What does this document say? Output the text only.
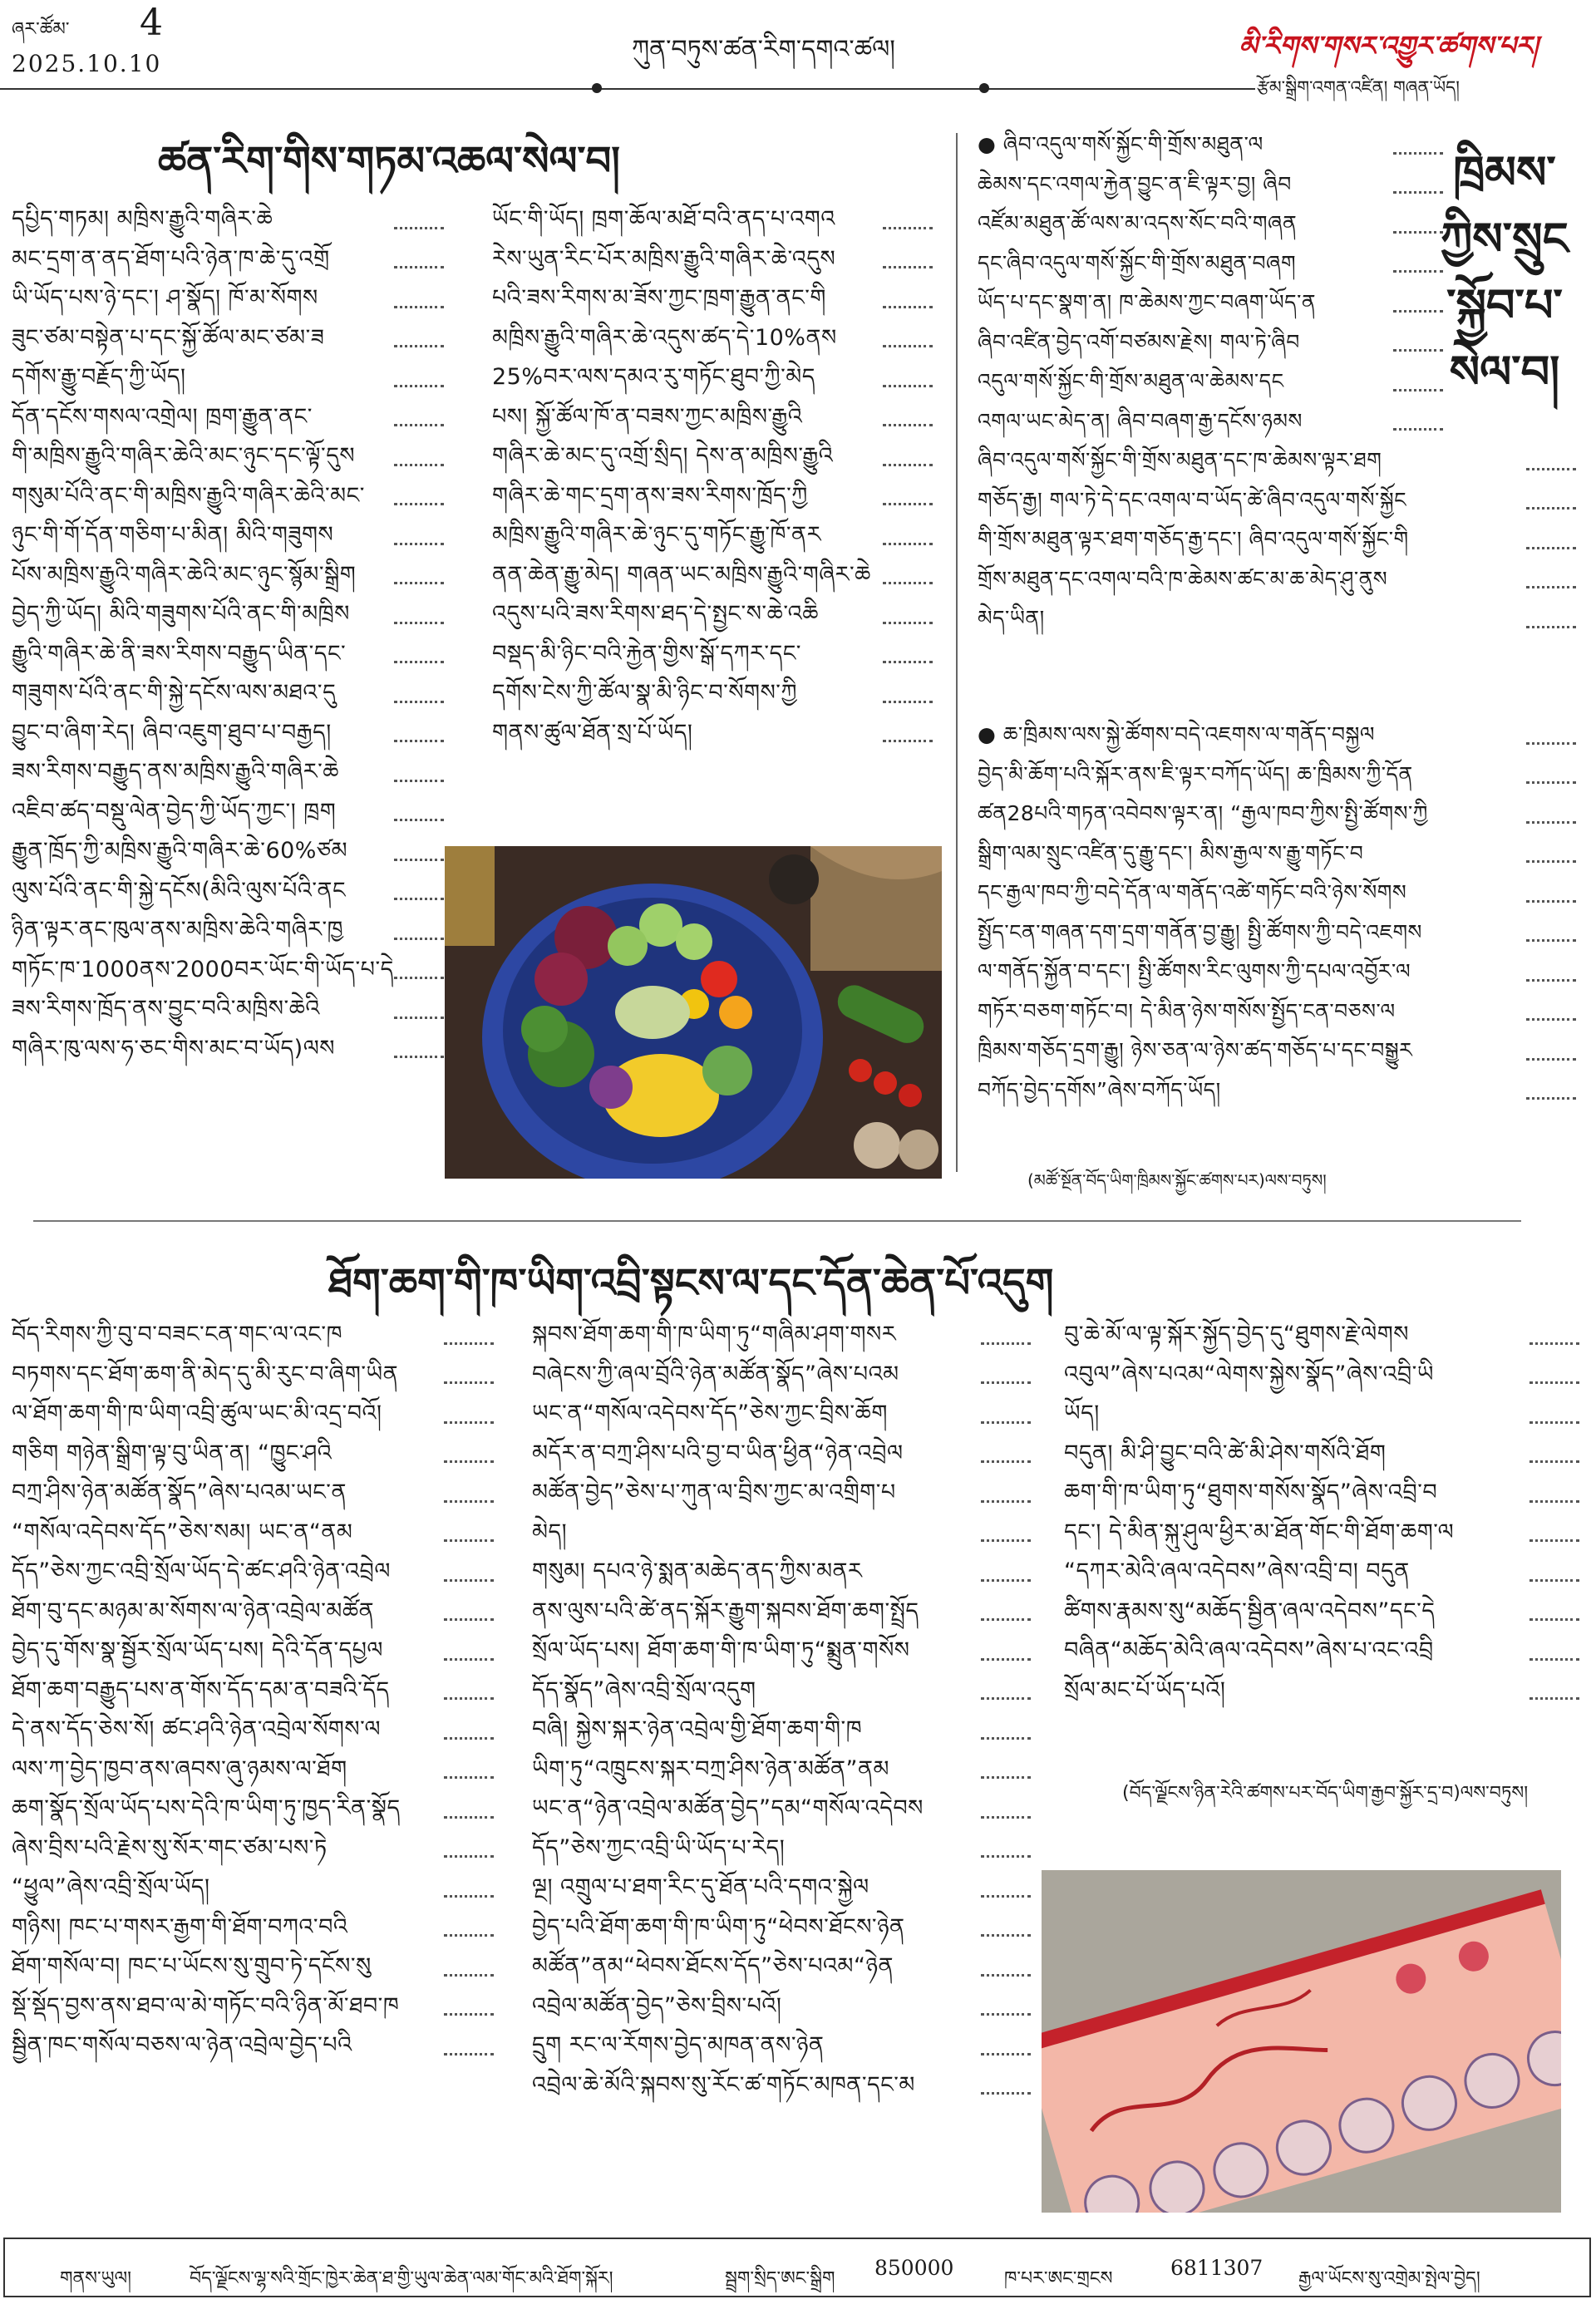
ཞར་ཚོམ་ 4
2025.10.10	ཀུན་བཏུས་ཚན་རིག་དགའ་ཚལ།	མི་རིགས་གསར་འགྱུར་ཚགས་པར།
རྩོམ་སྒྲིག་འགན་འཛིན། གཞན་ཡོད།
ཚན་རིག་གིས་གཏམ་འཆལ་སེལ་བ།
དཔྱིད་གཏམ། མཁྲིས་རྒྱུའི་གཞིར་ཆེ
མང་དྲག་ན་ནད་ཐོག་པའི་ཉེན་ཁ་ཆེ་དུ་འགྲོ
ཡི་ཡོད་པས་ཉེ་དང་། ཤ་སྣོད། ཁོ་མ་སོགས
ཟུང་ཙམ་བསྟེན་པ་དང་སྐྱོ་ཚོལ་མང་ཙམ་ཟ
དགོས་རྒྱུ་བརྗོད་ཀྱི་ཡོད།
དོན་དངོས་གསལ་འགྲེལ། ཁྲག་རྒྱུན་ནང་
གི་མཁྲིས་རྒྱུའི་གཞིར་ཆེའི་མང་ཉུང་དང་ལྟོ་དུས
གསུམ་པོའི་ནང་གི་མཁྲིས་རྒྱུའི་གཞིར་ཆེའི་མང་
ཉུང་གི་གོ་དོན་གཅིག་པ་མིན། མིའི་གཟུགས
པོས་མཁྲིས་རྒྱུའི་གཞིར་ཆེའི་མང་ཉུང་སྙོམ་སྒྲིག
བྱེད་ཀྱི་ཡོད། མིའི་གཟུགས་པོའི་ནང་གི་མཁྲིས
རྒྱུའི་གཞིར་ཆེ་ནི་ཟས་རིགས་བརྒྱུད་ཡིན་དང་
གཟུགས་པོའི་ནང་གི་སྐྱེ་དངོས་ལས་མཐའ་དུ
བྱུང་བ་ཞིག་རེད། ཞིབ་འཇུག་ཐུབ་པ་བརྒྱད།
ཟས་རིགས་བརྒྱུད་ནས་མཁྲིས་རྒྱུའི་གཞིར་ཆེ
འཇིབ་ཚད་བསྡུ་ལེན་བྱེད་ཀྱི་ཡོད་ཀྱང་། ཁྲག
རྒྱུན་ཁྲོད་ཀྱི་མཁྲིས་རྒྱུའི་གཞིར་ཆེ་60%ཙམ
ལུས་པོའི་ནང་གི་སྐྱེ་དངོས(མིའི་ལུས་པོའི་ནང
ཉིན་ལྟར་ནང་ཁུལ་ནས་མཁྲིས་ཆེའི་གཞིར་ཁྱ
གཏོང་ཁ་1000ནས་2000བར་ཡོང་གི་ཡོད་པ་དེ
ཟས་རིགས་ཁྲོད་ནས་བྱུང་བའི་མཁྲིས་ཆེའི
གཞིར་ཁུ་ལས་ཧ་ཅང་གིས་མང་བ་ཡོད)ལས
ཡོང་གི་ཡོད། ཁྲག་ཆོལ་མཐོ་བའི་ནད་པ་འགའ
རེས་ཡུན་རིང་པོར་མཁྲིས་རྒྱུའི་གཞིར་ཆེ་འདུས
པའི་ཟས་རིགས་མ་ཟོས་ཀྱང་ཁྲག་རྒྱུན་ནང་གི
མཁྲིས་རྒྱུའི་གཞིར་ཆེ་འདུས་ཚད་དེ་10%ནས
25%བར་ལས་དམའ་རུ་གཏོང་ཐུབ་ཀྱི་མེད
པས། སྐྱོ་ཚོལ་ཁོ་ན་བཟས་ཀྱང་མཁྲིས་རྒྱུའི
གཞིར་ཆེ་མང་དུ་འགྲོ་སྲིད། དེས་ན་མཁྲིས་རྒྱུའི
གཞིར་ཆེ་གང་དྲག་ནས་ཟས་རིགས་ཁྲོད་ཀྱི
མཁྲིས་རྒྱུའི་གཞིར་ཆེ་ཉུང་དུ་གཏོང་རྒྱུ་ཁོ་ནར
ནན་ཆེན་རྒྱུ་མེད། གཞན་ཡང་མཁྲིས་རྒྱུའི་གཞིར་ཆེ
འདུས་པའི་ཟས་རིགས་ཐད་དེ་སྤྱང་ས་ཆེ་འཆི
བསྡད་མི་ཉིང་བའི་རྐྱེན་གྱིས་སྒོ་དཀར་དང་
དགོས་ངེས་ཀྱི་ཚོལ་སྣ་མི་ཉིང་བ་སོགས་ཀྱི
གནས་ཚུལ་ཐོན་སྲ་པོ་ཡོད།
ཁྲིམས་ཀྱིས་སྲུང་སྐྱོབ་པ་སེལ་བ།
● ཞིབ་འདུལ་གསོ་སྐྱོང་གི་གྲོས་མཐུན་ལ
ཆེམས་དང་འགལ་རྐྱེན་བྱུང་ན་ཇི་ལྟར་བྱ། ཞིབ
འཛོམ་མཐུན་ཚོ་ལས་མ་འདས་སོང་བའི་གཞན
དང་ཞིབ་འདུལ་གསོ་སྐྱོང་གི་གྲོས་མཐུན་བཞག
ཡོད་པ་དང་སྣག་ན། ཁ་ཆེམས་ཀྱང་བཞག་ཡོད་ན
ཞིབ་འཛིན་བྱེད་འགོ་བཙམས་རྗེས། གལ་ཏེ་ཞིབ
འདུལ་གསོ་སྐྱོང་གི་གྲོས་མཐུན་ལ་ཆེམས་དང
འགལ་ཡང་མེད་ན། ཞིབ་བཞག་རྒྱ་དངོས་ཉམས
ཞིབ་འདུལ་གསོ་སྐྱོང་གི་གྲོས་མཐུན་དང་ཁ་ཆེམས་ལྟར་ཐག
གཅོད་རྒྱ། གལ་ཏེ་དེ་དང་འགལ་བ་ཡོད་ཚེ་ཞིབ་འདུལ་གསོ་སྐྱོང
གི་གྲོས་མཐུན་ལྟར་ཐག་གཅོད་རྒྱ་དང་། ཞིབ་འདུལ་གསོ་སྐྱོང་གི
གྲོས་མཐུན་དང་འགལ་བའི་ཁ་ཆེམས་ཚང་མ་ཆ་མེད་ཤུ་ནུས
མེད་ཡིན།
● ཆ་ཁྲིམས་ལས་སྐྱེ་ཚོགས་བདེ་འཇགས་ལ་གནོད་བསྐྱལ
བྱེད་མི་ཆོག་པའི་སྐོར་ནས་ཇི་ལྟར་བཀོད་ཡོད། ཆ་ཁྲིམས་ཀྱི་དོན
ཚན28པའི་གཏན་འབེབས་ལྟར་ན། “རྒྱལ་ཁབ་ཀྱིས་སྤྱི་ཚོགས་ཀྱི
སྒྲིག་ལམ་སྲུང་འཛིན་དུ་རྒྱུ་དང་། མིས་རྒྱལ་ས་རྒྱུ་གཏོང་བ
དང་རྒྱལ་ཁབ་ཀྱི་བདེ་དོན་ལ་གནོད་འཚེ་གཏོང་བའི་ཉེས་སོགས
སྤྱོད་ངན་གཞན་དག་དྲག་གནོན་བྱ་རྒྱུ། སྤྱི་ཚོགས་ཀྱི་བདེ་འཇགས
ལ་གནོད་སྐྱོན་བ་དང་། སྤྱི་ཚོགས་རིང་ལུགས་ཀྱི་དཔལ་འབྱོར་ལ
གཏོར་བཅག་གཏོང་བ། དེ་མིན་ཉེས་གསོས་སྤྱོད་ངན་བཅས་ལ
ཁྲིམས་གཅོད་དྲག་རྒྱུ། ཉེས་ཅན་ལ་ཉེས་ཚད་གཅོད་པ་དང་བསྒྱུར
བཀོད་བྱེད་དགོས”ཞེས་བཀོད་ཡོད།
(མཚོ་སྔོན་བོད་ཡིག་ཁྲིམས་སྐྱོང་ཚགས་པར)ལས་བཏུས།
ཐོག་ཆག་གི་ཁ་ཡིག་འབྲི་སྟངས་ལ་དང་དོན་ཆེན་པོ་འདུག
བོད་རིགས་ཀྱི་བུ་བ་བཟང་ངན་གང་ལ་འང་ཁ
བཏགས་དང་ཐོག་ཆག་ནི་མེད་དུ་མི་རུང་བ་ཞིག་ཡིན
ལ་ཐོག་ཆག་གི་ཁ་ཡིག་འབྲི་ཚུལ་ཡང་མི་འདྲ་བའོ།
གཅིག གཉེན་སྒྲིག་ལྟ་བུ་ཡིན་ན། “ཁྱུང་ཤའི
བཀྲ་ཤིས་ཉེན་མཚོན་སྣོད”ཞེས་པའམ་ཡང་ན
“གསོལ་འདེབས་དོད”ཅེས་སམ། ཡང་ན“ནམ
དོད”ཅེས་ཀྱང་འབྲི་སྲོལ་ཡོད་དེ་ཚང་ཤའི་ཉེན་འབྲེལ
ཐོག་བུ་དང་མཉམ་མ་སོགས་ལ་ཉེན་འབྲེལ་མཚོན
བྱེད་དུ་གོས་སྣ་སྦྱོར་སྲོལ་ཡོད་པས། དེའི་དོན་དཔྱལ
ཐོག་ཆག་བརྒྱུད་པས་ན་གོས་དོད་དམ་ན་བཟའི་དོད
དེ་ནས་དོད་ཅེས་སོ། ཚང་ཤའི་ཉེན་འབྲེལ་སོགས་ལ
ལས་ཀ་བྱེད་ཁྱབ་ནས་ཞབས་ཞུ་ཉམས་ལ་ཐོག
ཆག་སྣོད་སྲོལ་ཡོད་པས་དེའི་ཁ་ཡིག་ཏུ་ཁྱད་རིན་སྣོད
ཞེས་བྲིས་པའི་རྗེས་སུ་སོར་གང་ཙམ་པས་ཏེ
“ཕྱུལ”ཞེས་འབྲི་སྲོལ་ཡོད།
གཉིས། ཁང་པ་གསར་རྒྱག་གི་ཐོག་བཀའ་བའི
ཐོག་གསོལ་བ། ཁང་པ་ཡོངས་སུ་གྲུབ་ཏེ་དངོས་སུ
སྡོ་སྡོད་བྱས་ནས་ཐབ་ལ་མེ་གཏོང་བའི་ཉིན་མོ་ཐབ་ཁ
སྦྱིན་ཁང་གསོལ་བཅས་ལ་ཉེན་འབྲེལ་བྱེད་པའི
སྐབས་ཐོག་ཆག་གི་ཁ་ཡིག་ཏུ“གཞིམ་ཤག་གསར
བཞེངས་ཀྱི་ཞལ་བྲོའི་ཉེན་མཚོན་སྣོད”ཞེས་པའམ
ཡང་ན“གསོལ་འདེབས་དོད”ཅེས་ཀྱང་བྲིས་ཆོག
མདོར་ན་བཀྲ་ཤིས་པའི་བྱ་བ་ཡིན་ཕྱིན“ཉེན་འབྲེལ
མཚོན་བྱེད”ཅེས་པ་ཀུན་ལ་བྲིས་ཀྱང་མ་འགྲིག་པ
མེད།
གསུམ། དཔའ་ཉེ་སྨན་མཆེད་ནད་ཀྱིས་མནར
ནས་ལུས་པའི་ཚེ་ནད་སྐོར་རྒྱུག་སྐབས་ཐོག་ཆག་སྤྲོད
སྲོལ་ཡོད་པས། ཐོག་ཆག་གི་ཁ་ཡིག་ཏུ“སྨྲུན་གསོས
དོད་སྣོད”ཞེས་འབྲི་སྲོལ་འདུག
བཞི། སྐྱེས་སྐར་ཉེན་འབྲེལ་གྱི་ཐོག་ཆག་གི་ཁ
ཡིག་ཏུ“འཁྲུངས་སྐར་བཀྲ་ཤིས་ཉེན་མཚོན”ནམ
ཡང་ན“ཉེན་འབྲེལ་མཚོན་བྱེད”དམ“གསོལ་འདེབས
དོད”ཅེས་ཀྱང་འབྲི་ཡི་ཡོད་པ་རེད།
ལྔ། འགྲུལ་པ་ཐག་རིང་དུ་ཐོན་པའི་དགའ་སྐྱེལ
བྱེད་པའི་ཐོག་ཆག་གི་ཁ་ཡིག་ཏུ“ཕེབས་ཐོངས་ཉེན
མཚོན”ནམ“ཕེབས་ཐོངས་དོད”ཅེས་པའམ“ཉེན
འབྲེལ་མཚོན་བྱེད”ཅེས་བྲིས་པའོ།
དྲུག རང་ལ་རོགས་བྱེད་མཁན་ནས་ཉེན
འབྲེལ་ཆེ་མོའི་སྐབས་སུ་རོང་ཚ་གཏོང་མཁན་དང་མ
བུ་ཆེ་མོ་ལ་ལྟ་སྐོར་སྐྱོད་བྱེད་དུ“ཐུགས་རྗེ་ལེགས
འབུལ”ཞེས་པའམ“ལེགས་སྐྱེས་སྣོད”ཞེས་འབྲི་ཡི
ཡོད།
བདུན། མི་ཤི་བྱུང་བའི་ཚེ་མི་ཤེས་གསོའི་ཐོག
ཆག་གི་ཁ་ཡིག་ཏུ“ཐུགས་གསོས་སྣོད”ཞེས་འབྲི་བ
དང་། དེ་མིན་སྐུ་ཤུལ་ཕྱིར་མ་ཐོན་གོང་གི་ཐོག་ཆག་ལ
“དཀར་མེའི་ཞལ་འདེབས”ཞེས་འབྲི་བ། བདུན
ཚིགས་རྣམས་སུ“མཆོད་སྦྱིན་ཞལ་འདེབས”དང་དེ
བཞིན“མཆོད་མེའི་ཞལ་འདེབས”ཞེས་པ་འང་འབྲི
སྲོལ་མང་པོ་ཡོད་པའོ།
(བོད་ལྗོངས་ཉིན་རེའི་ཚགས་པར་བོད་ཡིག་རྒྱབ་སྐྱོར་དྲ་བ)ལས་བཏུས།
གནས་ཡུལ།	བོད་ལྗོངས་ལྷ་སའི་གྲོང་ཁྱེར་ཆེན་ཐ་གྱི་ཡུལ་ཆེན་ལམ་གོང་མའི་ཐོག་སྐོར།	སྦྲག་སྲིད་ཨང་སྒྲིག 850000	ཁ་པར་ཨང་གྲངས	6811307 རྒྱལ་ཡོངས་སུ་འགྲེམ་སྤེལ་བྱེད།
